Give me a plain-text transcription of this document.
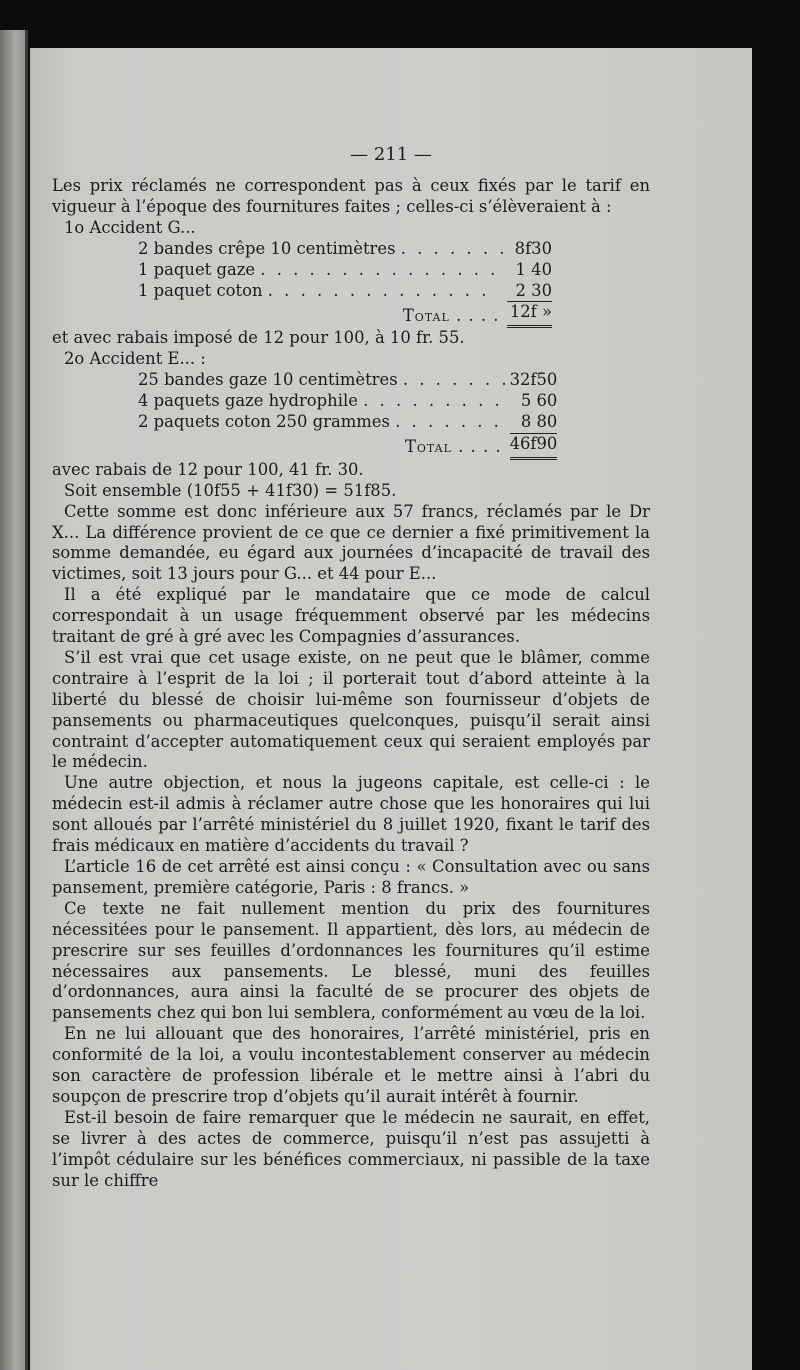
— 211 —

Les prix réclamés ne correspondent pas à ceux fixés par le tarif en vigueur à l’époque des fournitures faites ; celles-ci s’élèveraient à :

1o Accident G...
2 bandes crêpe 10 centimètres . . . . . . .	8f30
1 paquet gaze . . . . . . . . . . . . . . .	1 40
1 paquet coton . . . . . . . . . . . . . .	2 30
Total . . . .	12f »

et avec rabais imposé de 12 pour 100, à 10 fr. 55.

2o Accident E... :
25 bandes gaze 10 centimètres . . . . . . .	32f50
4 paquets gaze hydrophile . . . . . . . . .	5 60
2 paquets coton 250 grammes . . . . . . .	8 80
Total . . . .	46f90

avec rabais de 12 pour 100, 41 fr. 30.

Soit ensemble (10f55 + 41f30) = 51f85.

Cette somme est donc inférieure aux 57 francs, réclamés par le Dr X... La différence provient de ce que ce dernier a fixé primitivement la somme demandée, eu égard aux journées d’incapacité de travail des victimes, soit 13 jours pour G... et 44 pour E...

Il a été expliqué par le mandataire que ce mode de calcul correspondait à un usage fréquemment observé par les médecins traitant de gré à gré avec les Compagnies d’assurances.

S’il est vrai que cet usage existe, on ne peut que le blâmer, comme contraire à l’esprit de la loi ; il porterait tout d’abord atteinte à la liberté du blessé de choisir lui-même son fournisseur d’objets de pansements ou pharmaceutiques quelconques, puisqu’il serait ainsi contraint d’accepter automatiquement ceux qui seraient employés par le médecin.

Une autre objection, et nous la jugeons capitale, est celle-ci : le médecin est-il admis à réclamer autre chose que les honoraires qui lui sont alloués par l’arrêté ministériel du 8 juillet 1920, fixant le tarif des frais médicaux en matière d’accidents du travail ?

L’article 16 de cet arrêté est ainsi conçu : « Consultation avec ou sans pansement, première catégorie, Paris : 8 francs. »

Ce texte ne fait nullement mention du prix des fournitures nécessitées pour le pansement. Il appartient, dès lors, au médecin de prescrire sur ses feuilles d’ordonnances les fournitures qu’il estime nécessaires aux pansements. Le blessé, muni des feuilles d’ordonnances, aura ainsi la faculté de se procurer des objets de pansements chez qui bon lui semblera, conformément au vœu de la loi.

En ne lui allouant que des honoraires, l’arrêté ministériel, pris en conformité de la loi, a voulu incontestablement conserver au médecin son caractère de profession libérale et le mettre ainsi à l’abri du soupçon de prescrire trop d’objets qu’il aurait intérêt à fournir.

Est-il besoin de faire remarquer que le médecin ne saurait, en effet, se livrer à des actes de commerce, puisqu’il n’est pas assujetti à l’impôt cédulaire sur les bénéfices commerciaux, ni passible de la taxe sur le chiffre
